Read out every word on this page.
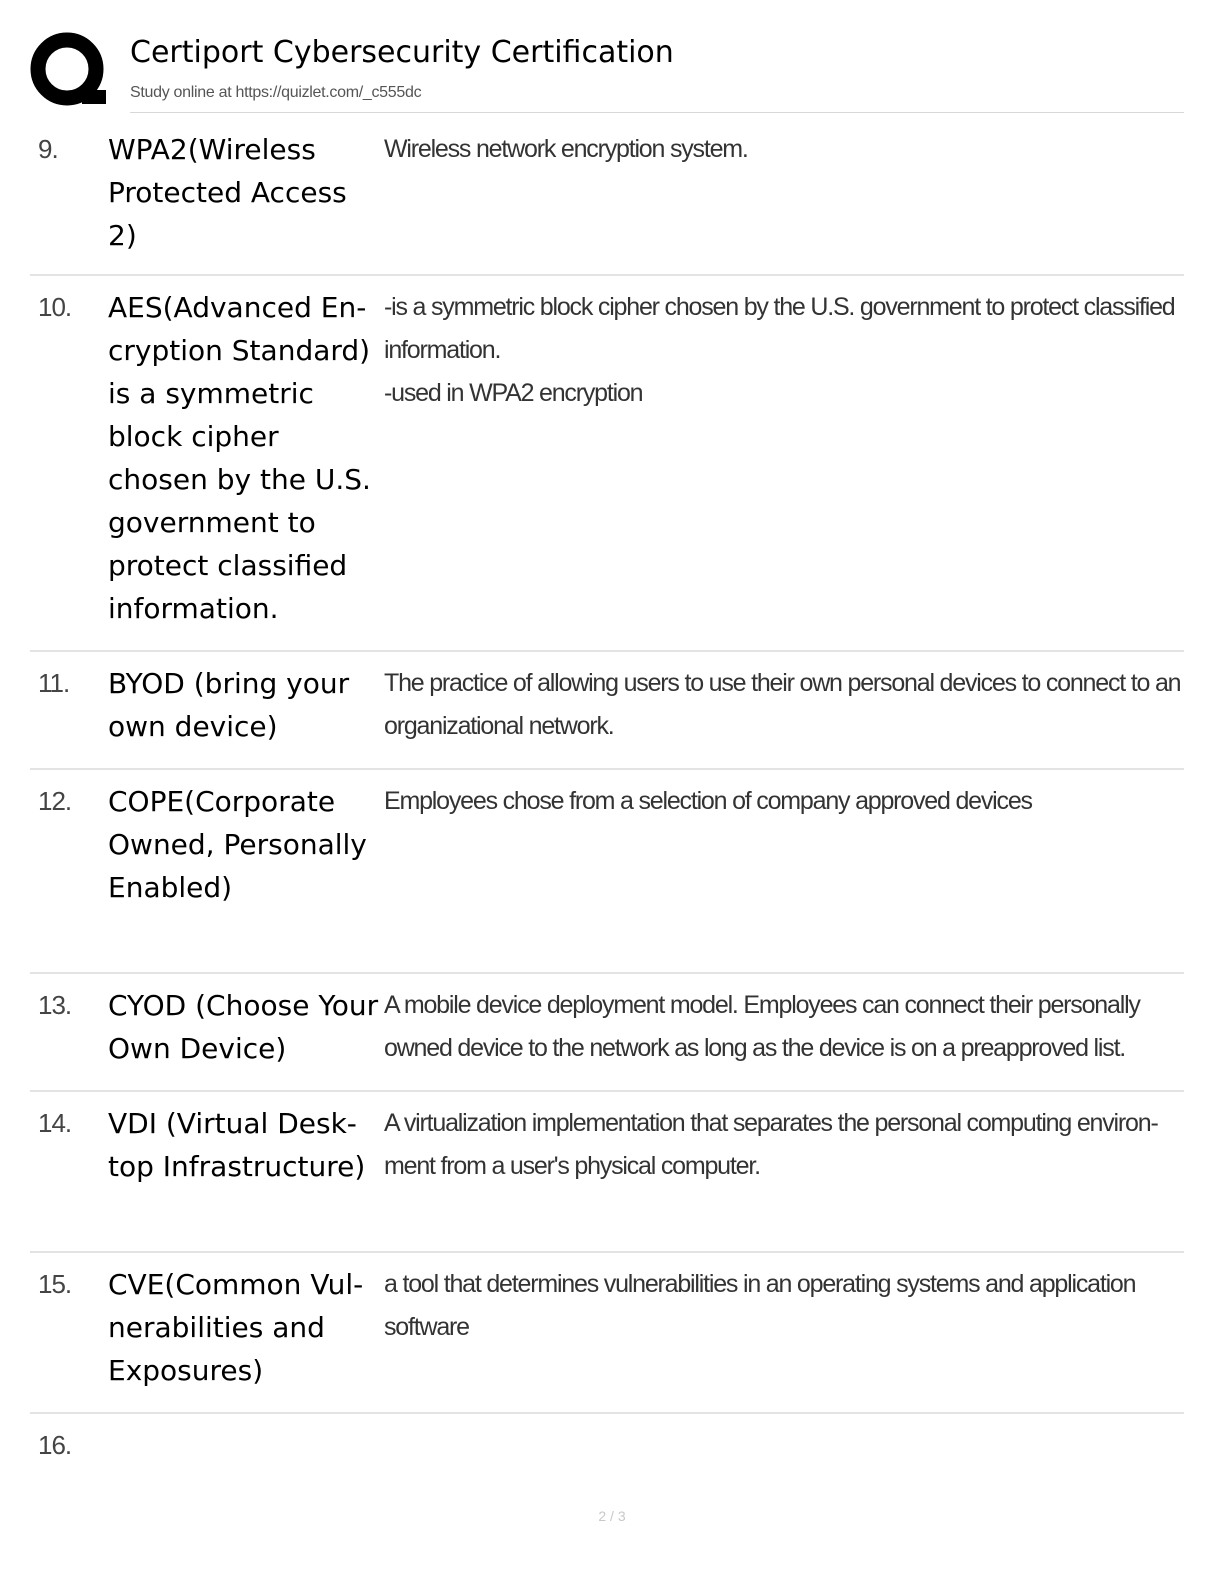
Certiport Cybersecurity Certification
Study online at https://quizlet.com/_c555dc
9.	WPA2(Wireless Protected Access 2)
Wireless network encryption system.
10.	AES(Advanced Encryption Standard) is a symmetric block cipher chosen by the U.S. government to protect classified information.
-is a symmetric block cipher chosen by the U.S. government to protect classified information.
-used in WPA2 encryption
11.	BYOD (bring your own device)
The practice of allowing users to use their own personal devices to connect to an organizational network.
12.	COPE(Corporate Owned, Personally Enabled)
Employees chose from a selection of company approved devices
13.	CYOD (Choose Your Own Device)
A mobile device deployment model. Employees can connect their personally owned device to the network as long as the device is on a preapproved list.
14.	VDI (Virtual Desktop Infrastructure)
A virtualization implementation that separates the personal computing environment from a user's physical computer.
15.	CVE(Common Vulnerabilities and Exposures)
a tool that determines vulnerabilities in an operating systems and application software
16.
2 / 3
